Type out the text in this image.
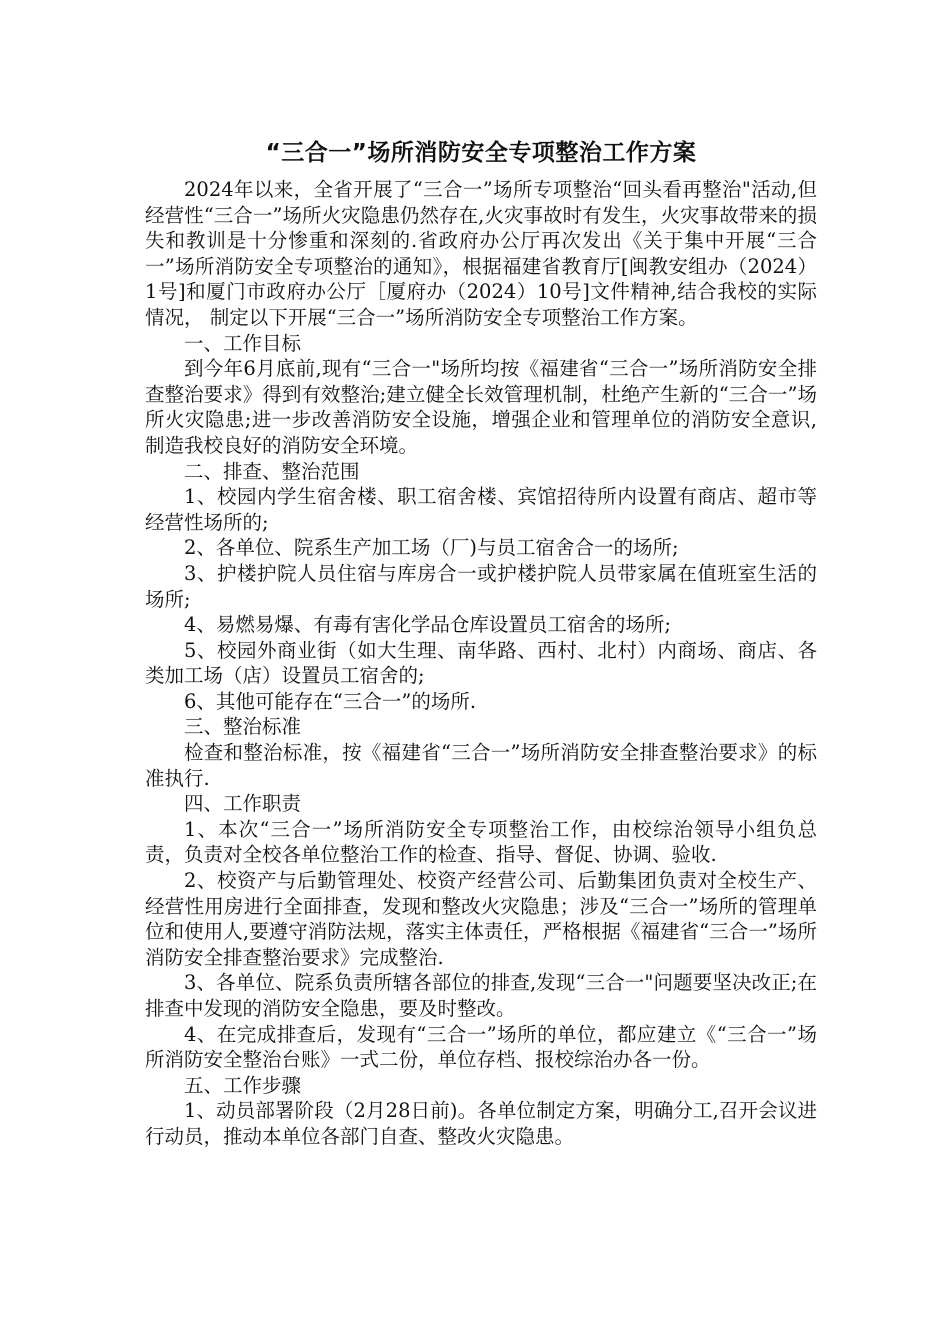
“三合一”场所消防安全专项整治工作方案

2024年以来，全省开展了“三合一”场所专项整治“回头看再整治"活动,但经营性“三合一”场所火灾隐患仍然存在,火灾事故时有发生，火灾事故带来的损失和教训是十分惨重和深刻的.省政府办公厅再次发出《关于集中开展“三合一”场所消防安全专项整治的通知》，根据福建省教育厅[闽教安组办（2024）1号]和厦门市政府办公厅［厦府办（2024）10号]文件精神,结合我校的实际情况， 制定以下开展“三合一”场所消防安全专项整治工作方案。

一、工作目标

到今年6月底前,现有“三合一"场所均按《福建省“三合一”场所消防安全排查整治要求》得到有效整治;建立健全长效管理机制，杜绝产生新的“三合一”场所火灾隐患;进一步改善消防安全设施，增强企业和管理单位的消防安全意识,制造我校良好的消防安全环境。

二、排查、整治范围

1、校园内学生宿舍楼、职工宿舍楼、宾馆招待所内设置有商店、超市等经营性场所的;

2、各单位、院系生产加工场（厂)与员工宿舍合一的场所;

3、护楼护院人员住宿与库房合一或护楼护院人员带家属在值班室生活的场所;

4、易燃易爆、有毒有害化学品仓库设置员工宿舍的场所;

5、校园外商业街（如大生理、南华路、西村、北村）内商场、商店、各类加工场（店）设置员工宿舍的;

6、其他可能存在“三合一”的场所.

三、整治标准

检查和整治标准，按《福建省“三合一”场所消防安全排查整治要求》的标准执行.

四、工作职责

1、本次“三合一”场所消防安全专项整治工作，由校综治领导小组负总责，负责对全校各单位整治工作的检查、指导、督促、协调、验收.

2、校资产与后勤管理处、校资产经营公司、后勤集团负责对全校生产、经营性用房进行全面排查，发现和整改火灾隐患；涉及“三合一”场所的管理单位和使用人,要遵守消防法规，落实主体责任，严格根据《福建省“三合一”场所消防安全排查整治要求》完成整治.

3、各单位、院系负责所辖各部位的排查,发现“三合一"问题要坚决改正;在排查中发现的消防安全隐患，要及时整改。

4、在完成排查后，发现有“三合一”场所的单位，都应建立《“三合一”场所消防安全整治台账》一式二份，单位存档、报校综治办各一份。

五、工作步骤

1、动员部署阶段（2月28日前)。各单位制定方案，明确分工,召开会议进行动员，推动本单位各部门自查、整改火灾隐患。
